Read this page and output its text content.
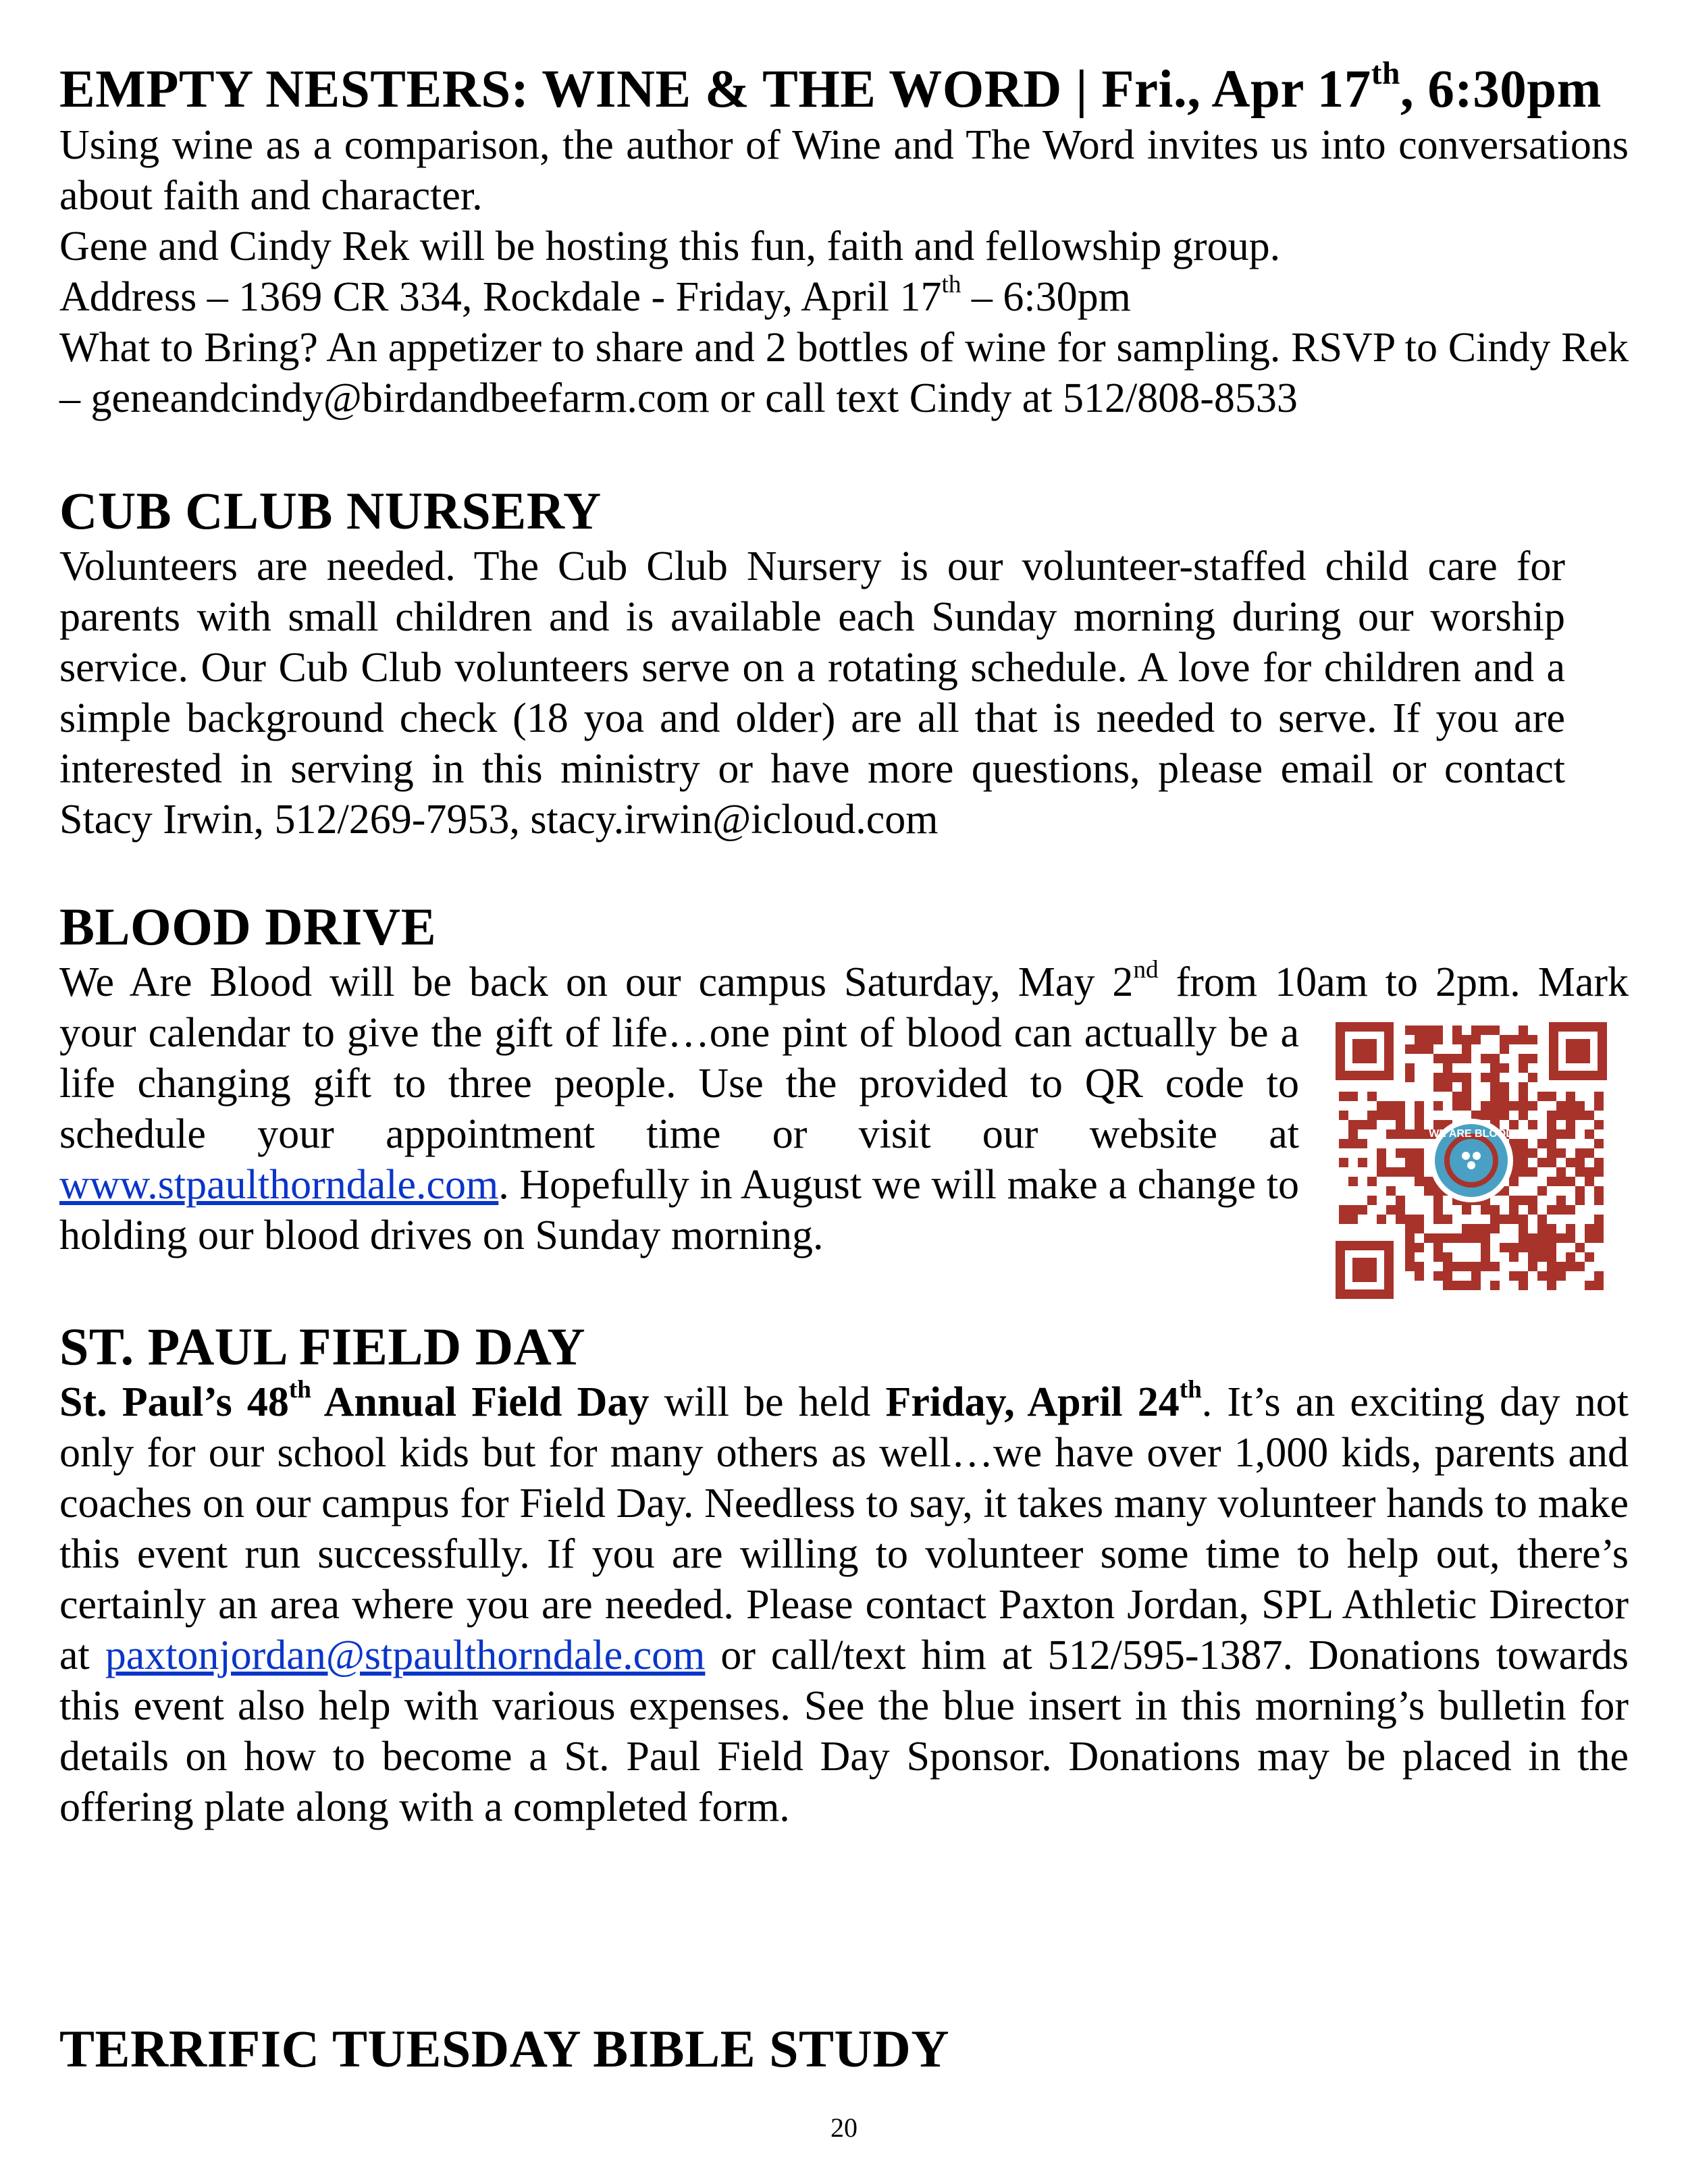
EMPTY NESTERS: WINE & THE WORD | Fri., Apr 17th, 6:30pm

Using wine as a comparison, the author of Wine and The Word invites us into conversations about faith and character.

Gene and Cindy Rek will be hosting this fun, faith and fellowship group.

Address – 1369 CR 334, Rockdale - Friday, April 17th – 6:30pm

What to Bring? An appetizer to share and 2 bottles of wine for sampling. RSVP to Cindy Rek – geneandcindy@birdandbeefarm.com or call text Cindy at 512/808-8533

CUB CLUB NURSERY

Volunteers are needed. The Cub Club Nursery is our volunteer-staffed child care for parents with small children and is available each Sunday morning during our worship service. Our Cub Club volunteers serve on a rotating schedule. A love for children and a simple background check (18 yoa and older) are all that is needed to serve. If you are interested in serving in this ministry or have more questions, please email or contact Stacy Irwin, 512/269-7953, stacy.irwin@icloud.com

BLOOD DRIVE

We Are Blood will be back on our campus Saturday, May 2nd from 10am to 2pm. Mark

your calendar to give the gift of life…one pint of blood can actually be a life changing gift to three people. Use the provided to QR code to schedule your appointment time or visit our website at www.stpaulthorndale.com. Hopefully in August we will make a change to holding our blood drives on Sunday morning.

WE ARE BLOOD
ST. PAUL FIELD DAY

St. Paul’s 48th Annual Field Day will be held Friday, April 24th. It’s an exciting day not only for our school kids but for many others as well…we have over 1,000 kids, parents and coaches on our campus for Field Day. Needless to say, it takes many volunteer hands to make this event run successfully. If you are willing to volunteer some time to help out, there’s certainly an area where you are needed. Please contact Paxton Jordan, SPL Athletic Director at paxtonjordan@stpaulthorndale.com or call/text him at 512/595-1387. Donations towards this event also help with various expenses. See the blue insert in this morning’s bulletin for details on how to become a St. Paul Field Day Sponsor. Donations may be placed in the offering plate along with a completed form.

TERRIFIC TUESDAY BIBLE STUDY
20
